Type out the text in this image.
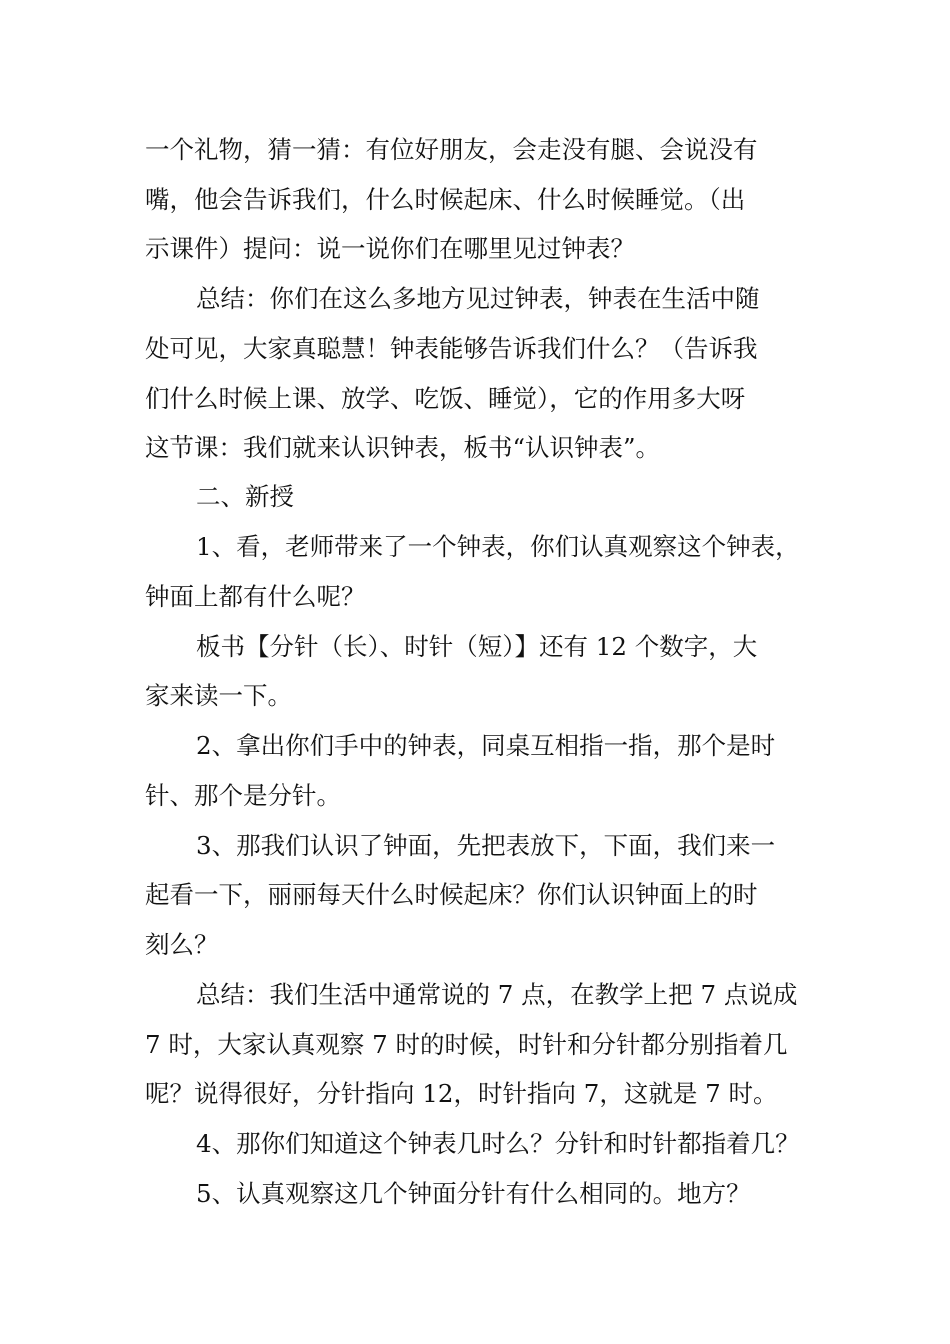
一个礼物，猜一猜：有位好朋友，会走没有腿、会说没有
嘴，他会告诉我们，什么时候起床、什么时候睡觉。（出
示课件）提问：说一说你们在哪里见过钟表？
总结：你们在这么多地方见过钟表，钟表在生活中随
处可见，大家真聪慧！钟表能够告诉我们什么？（告诉我
们什么时候上课、放学、吃饭、睡觉），它的作用多大呀
这节课：我们就来认识钟表，板书“认识钟表”。
二、新授
1、看，老师带来了一个钟表，你们认真观察这个钟表，
钟面上都有什么呢？
板书【分针（长）、时针（短）】还有 12 个数字，大
家来读一下。
2、拿出你们手中的钟表，同桌互相指一指，那个是时
针、那个是分针。
3、那我们认识了钟面，先把表放下，下面，我们来一
起看一下，丽丽每天什么时候起床？你们认识钟面上的时
刻么？
总结：我们生活中通常说的 7 点，在教学上把 7 点说成
7 时，大家认真观察 7 时的时候，时针和分针都分别指着几
呢？说得很好，分针指向 12，时针指向 7，这就是 7 时。
4、那你们知道这个钟表几时么？分针和时针都指着几？
5、认真观察这几个钟面分针有什么相同的。地方？
